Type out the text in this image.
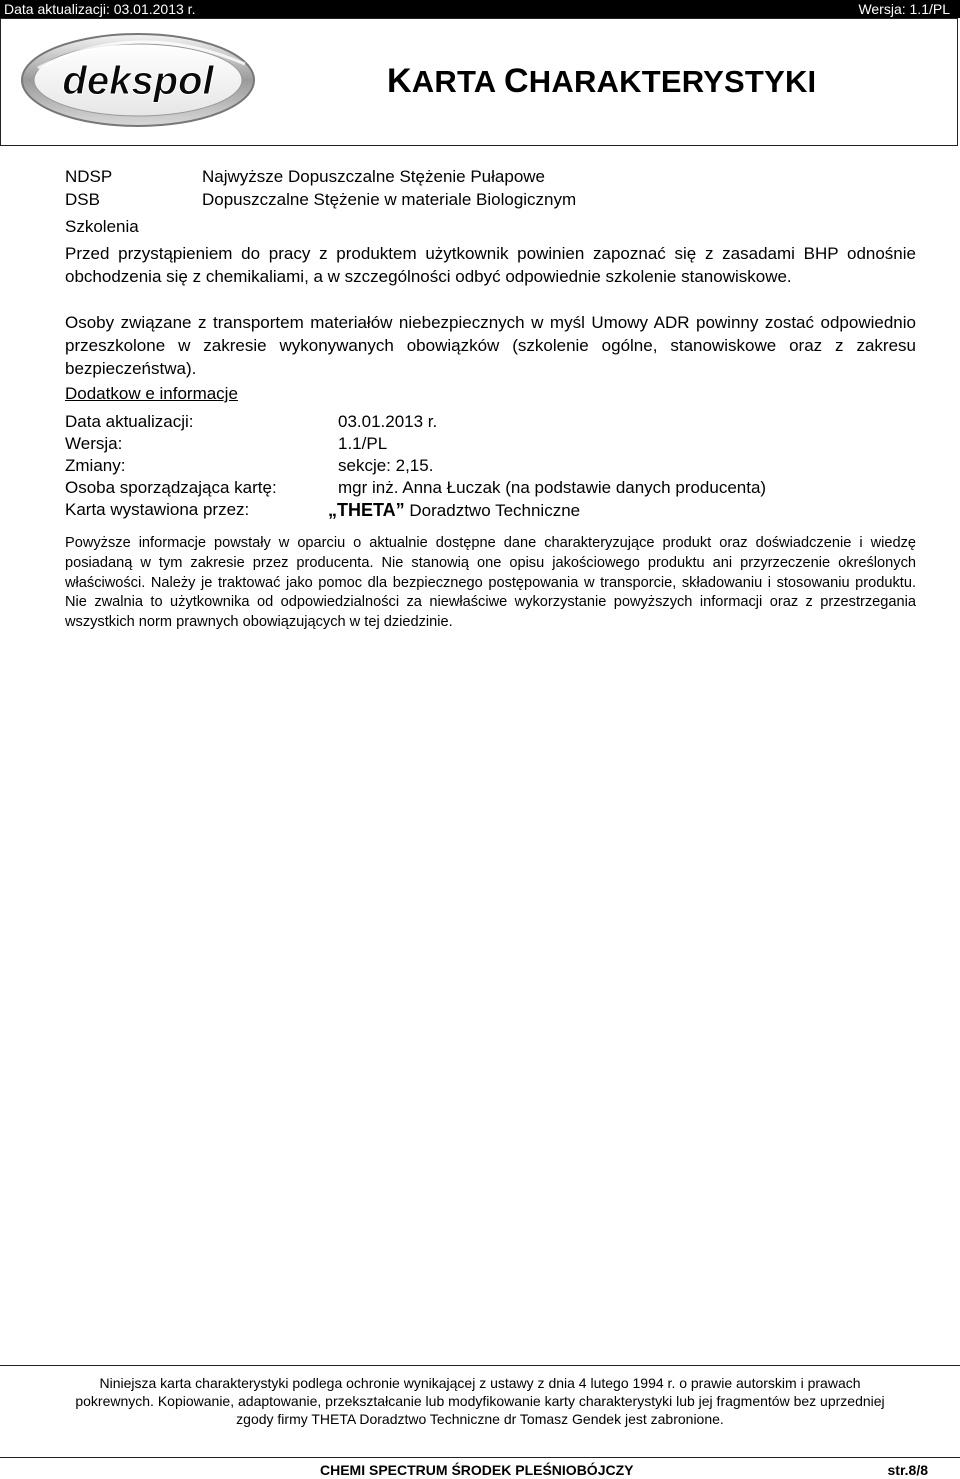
Data aktualizacji: 03.01.2013 r.	Wersja: 1.1/PL
dekspol	KARTA CHARAKTERYSTYKI
NDSP	Najwyższe Dopuszczalne Stężenie Pułapowe
DSB	Dopuszczalne Stężenie w materiale Biologicznym
Szkolenia
Przed przystąpieniem do pracy z produktem użytkownik powinien zapoznać się z zasadami BHP odnośnie obchodzenia się z chemikaliami, a w szczególności odbyć odpowiednie szkolenie stanowiskowe.
Osoby związane z transportem materiałów niebezpiecznych w myśl Umowy ADR powinny zostać odpowiednio przeszkolone w zakresie wykonywanych obowiązków (szkolenie ogólne, stanowiskowe oraz z zakresu bezpieczeństwa).
Dodatkow e informacje
Data aktualizacji:	03.01.2013 r.
Wersja:	1.1/PL
Zmiany:	sekcje: 2,15.
Osoba sporządzająca kartę:	mgr inż. Anna Łuczak (na podstawie danych producenta)
Karta wystawiona przez:	„THETA” Doradztwo Techniczne
Powyższe informacje powstały w oparciu o aktualnie dostępne dane charakteryzujące produkt oraz doświadczenie i wiedzę posiadaną w tym zakresie przez producenta. Nie stanowią one opisu jakościowego produktu ani przyrzeczenie określonych właściwości. Należy je traktować jako pomoc dla bezpiecznego postępowania w transporcie, składowaniu i stosowaniu produktu. Nie zwalnia to użytkownika od odpowiedzialności za niewłaściwe wykorzystanie powyższych informacji oraz z przestrzegania wszystkich norm prawnych obowiązujących w tej dziedzinie.
Niniejsza karta charakterystyki podlega ochronie wynikającej z ustawy z dnia 4 lutego 1994 r. o prawie autorskim i prawach
pokrewnych. Kopiowanie, adaptowanie, przekształcanie lub modyfikowanie karty charakterystyki lub jej fragmentów bez uprzedniej
zgody firmy THETA Doradztwo Techniczne dr Tomasz Gendek jest zabronione.
CHEMI SPECTRUM ŚRODEK PLEŚNIOBÓJCZY	str.8/8
